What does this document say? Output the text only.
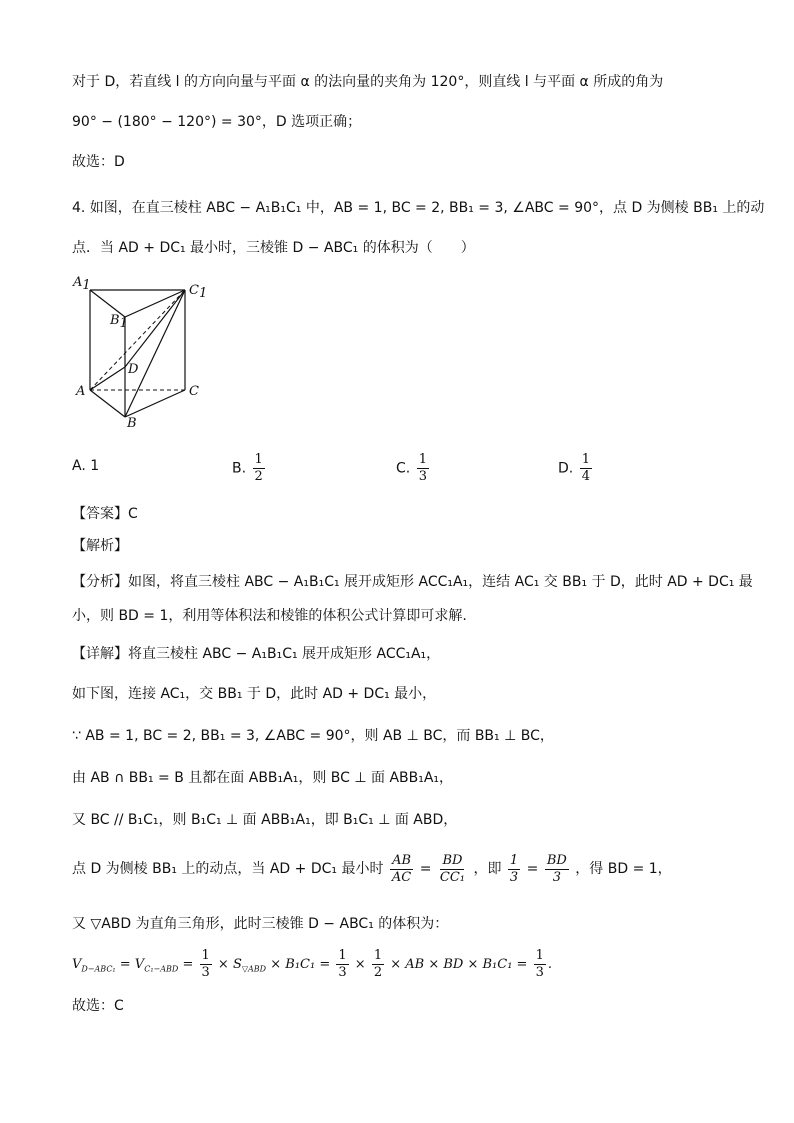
对于 D，若直线 l 的方向向量与平面 α 的法向量的夹角为 120°，则直线 l 与平面 α 所成的角为
90° − (180° − 120°) = 30°，D 选项正确；
故选：D
4. 如图，在直三棱柱 ABC − A₁B₁C₁ 中，AB = 1, BC = 2, BB₁ = 3, ∠ABC = 90°，点 D 为侧棱 BB₁ 上的动
点．当 AD + DC₁ 最小时，三棱锥 D − ABC₁ 的体积为（　　）
A1	C1
B1
D
A	C
B
A. 1	B. $\frac{1}{2}$	C. $\frac{1}{3}$	D. $\frac{1}{4}$
【答案】C
【解析】
【分析】如图，将直三棱柱 ABC − A₁B₁C₁ 展开成矩形 ACC₁A₁，连结 AC₁ 交 BB₁ 于 D，此时 AD + DC₁ 最
小，则 BD = 1，利用等体积法和棱锥的体积公式计算即可求解.
【详解】将直三棱柱 ABC − A₁B₁C₁ 展开成矩形 ACC₁A₁，
如下图，连接 AC₁，交 BB₁ 于 D，此时 AD + DC₁ 最小，
∵ AB = 1, BC = 2, BB₁ = 3, ∠ABC = 90°，则 AB ⊥ BC，而 BB₁ ⊥ BC，
由 AB ∩ BB₁ = B 且都在面 ABB₁A₁，则 BC ⊥ 面 ABB₁A₁，
又 BC // B₁C₁，则 B₁C₁ ⊥ 面 ABB₁A₁，即 B₁C₁ ⊥ 面 ABD，
点 D 为侧棱 BB₁ 上的动点，当 AD + DC₁ 最小时 $\frac{AB}{AC} = \frac{BD}{\text{CC₁}}$ ，即 $\frac{1}{3} = \frac{BD}{3}$ ，得 BD = 1，
又 ▽ABD 为直角三角形，此时三棱锥 D − ABC₁ 的体积为：
$V_{D-ABC_1} = V_{C_1-ABD} = \frac{1}{3} \times S_{▽ABD} \times B_1C_1 = \frac{1}{3} \times \frac{1}{2}$ × AB × BD × $B_1C_1 = \frac{1}{3}$ .
故选：C
